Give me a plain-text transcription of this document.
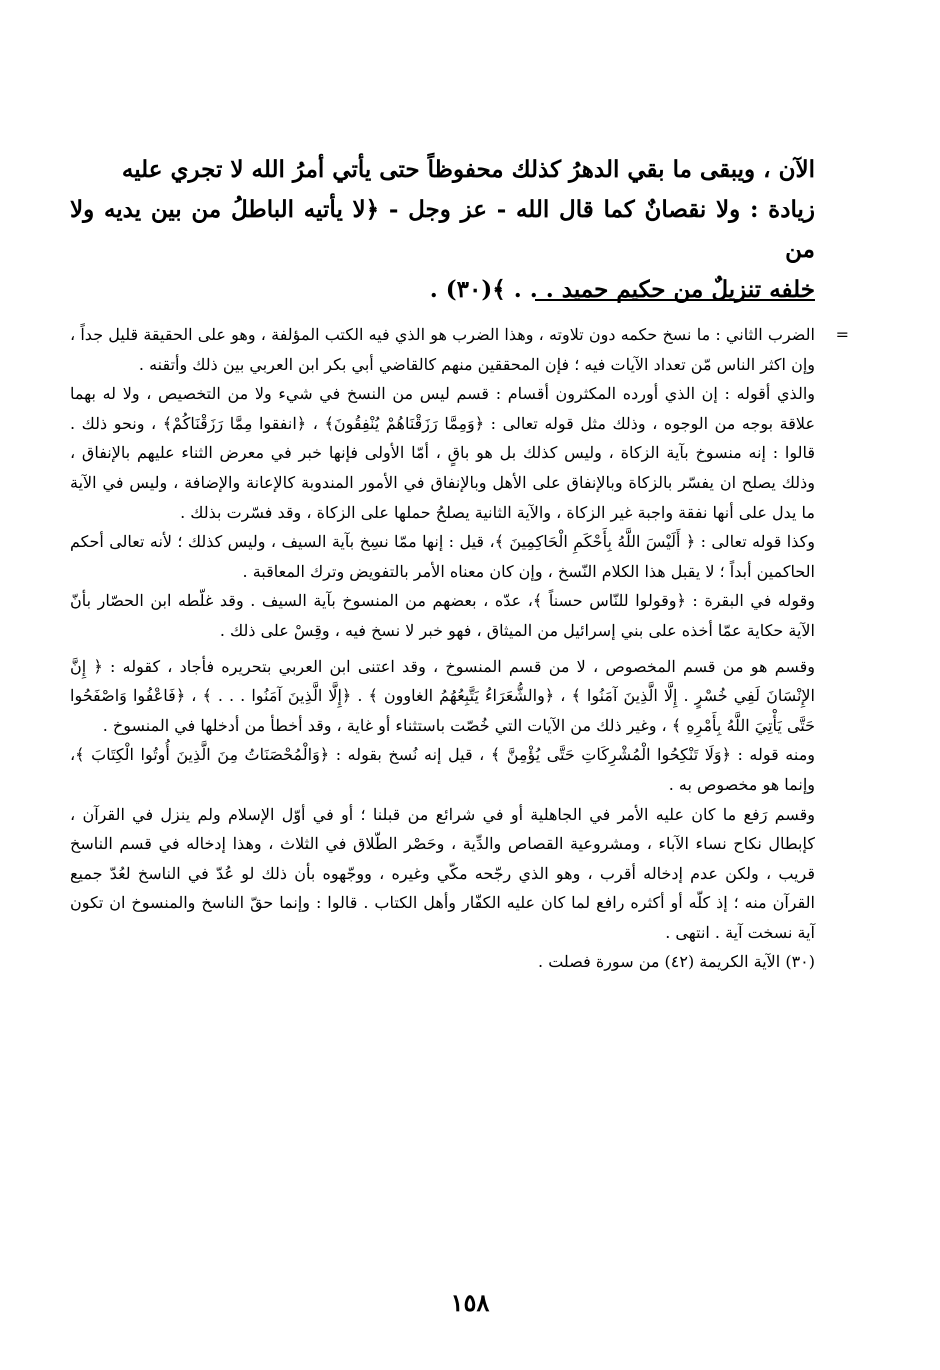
الآن ، ويبقى ما بقي الدهرُ كذلك محفوظاً حتى يأتي أمرُ الله لا تجري عليه

زيادة : ولا نقصانٌ كما قال الله - عز وجل - ﴿لا يأتيه الباطلُ من بين يديه ولا من

خلفه تنزيلٌ من حكيم حميد . . . ﴾(٣٠) .

=
الضرب الثاني : ما نسخ حكمه دون تلاوته ، وهذا الضرب هو الذي فيه الكتب المؤلفة ، وهو على الحقيقة قليل جداً ، وإن اكثر الناس مّن تعداد الآيات فيه ؛ فإن المحققين منهم كالقاضي أبي بكر ابن العربي بين ذلك وأتقنه .

والذي أقوله : إن الذي أورده المكثرون أقسام : قسم ليس من النسخ في شيء ولا من التخصيص ، ولا له بهما علاقة بوجه من الوجوه ، وذلك مثل قوله تعالى : ﴿وَمِمَّا رَزَقْنَاهُمْ يُنْفِقُونَ﴾ ، ﴿انفقوا مِمَّا رَزَقْنَاكُمْ﴾ ، ونحو ذلك . قالوا : إنه منسوخ بآية الزكاة ، وليس كذلك بل هو باقٍ ، أمّا الأولى فإنها خبر في معرض الثناء عليهم بالإنفاق ، وذلك يصلح ان يفسّر بالزكاة وبالإنفاق على الأهل وبالإنفاق في الأمور المندوبة كالإعانة والإضافة ، وليس في الآية ما يدل على أنها نفقة واجبة غير الزكاة ، والآية الثانية يصلحُ حملها على الزكاة ، وقد فسّرت بذلك .

وكذا قوله تعالى : ﴿ أَلَيْسَ اللَّهُ بِأَحْكَمِ الْحَاكِمِينَ ﴾، قيل : إنها ممّا نسِخ بآية السيف ، وليس كذلك ؛ لأنه تعالى أحكم الحاكمين أبداً ؛ لا يقبل هذا الكلام النّسخ ، وإن كان معناه الأمر بالتفويض وترك المعاقبة .

وقوله في البقرة : ﴿وقولوا للنّاس حسناً ﴾، عدّه ، بعضهم من المنسوخ بآية السيف . وقد غلّطه ابن الحصّار بأنّ الآية حكاية عمّا أخذه على بني إسرائيل من الميثاق ، فهو خبر لا نسخ فيه ، وقِسْ على ذلك .

وقسم هو من قسم المخصوص ، لا من قسم المنسوخ ، وقد اعتنى ابن العربي بتحريره فأجاد ، كقوله : ﴿ إِنَّ الإِنْسَانَ لَفِي خُسْرٍ . إِلَّا الَّذِينَ آمَنُوا ﴾ ، ﴿والشُّعَرَاءُ يَتَّبِعُهُمُ الغاوون ﴾ . ﴿إِلَّا الَّذِينَ آمَنُوا . . . ﴾ ، ﴿فَاعْفُوا وَاصْفَحُوا حَتَّى يَأْتِيَ اللَّهُ بِأَمْرِهِ ﴾ ، وغير ذلك من الآيات التي خُصّت باستثناء أو غاية ، وقد أخطأ من أدخلها في المنسوخ .

ومنه قوله : ﴿وَلَا تَنْكِحُوا الْمُشْرِكَاتِ حَتَّى يُؤْمِنَّ ﴾ ، قيل إنه نُسخ بقوله : ﴿وَالْمُحْصَنَاتُ مِنَ الَّذِينَ أُوتُوا الْكِتَابَ ﴾، وإنما هو مخصوص به .

وقسم رَفع ما كان عليه الأمر في الجاهلية أو في شرائع من قبلنا ؛ أو في أوّل الإسلام ولم ينزل في القرآن ، كإبطال نكاح نساء الآباء ، ومشروعية القصاص والدِّية ، وحَصْر الطّلاق في الثلاث ، وهذا إدخاله في قسم الناسخ قريب ، ولكن عدم إدخاله أقرب ، وهو الذي رجّحه مكّي وغيره ، ووجّهوه بأن ذلك لو عُدّ في الناسخ لعُدّ جميع القرآن منه ؛ إذ كلّه أو أكثره رافع لما كان عليه الكفّار وأهل الكتاب . قالوا : وإنما حقّ الناسخ والمنسوخ ان تكون آية نسخت آية . انتهى .

(٣٠) الآية الكريمة (٤٢) من سورة فصلت .

١٥٨
